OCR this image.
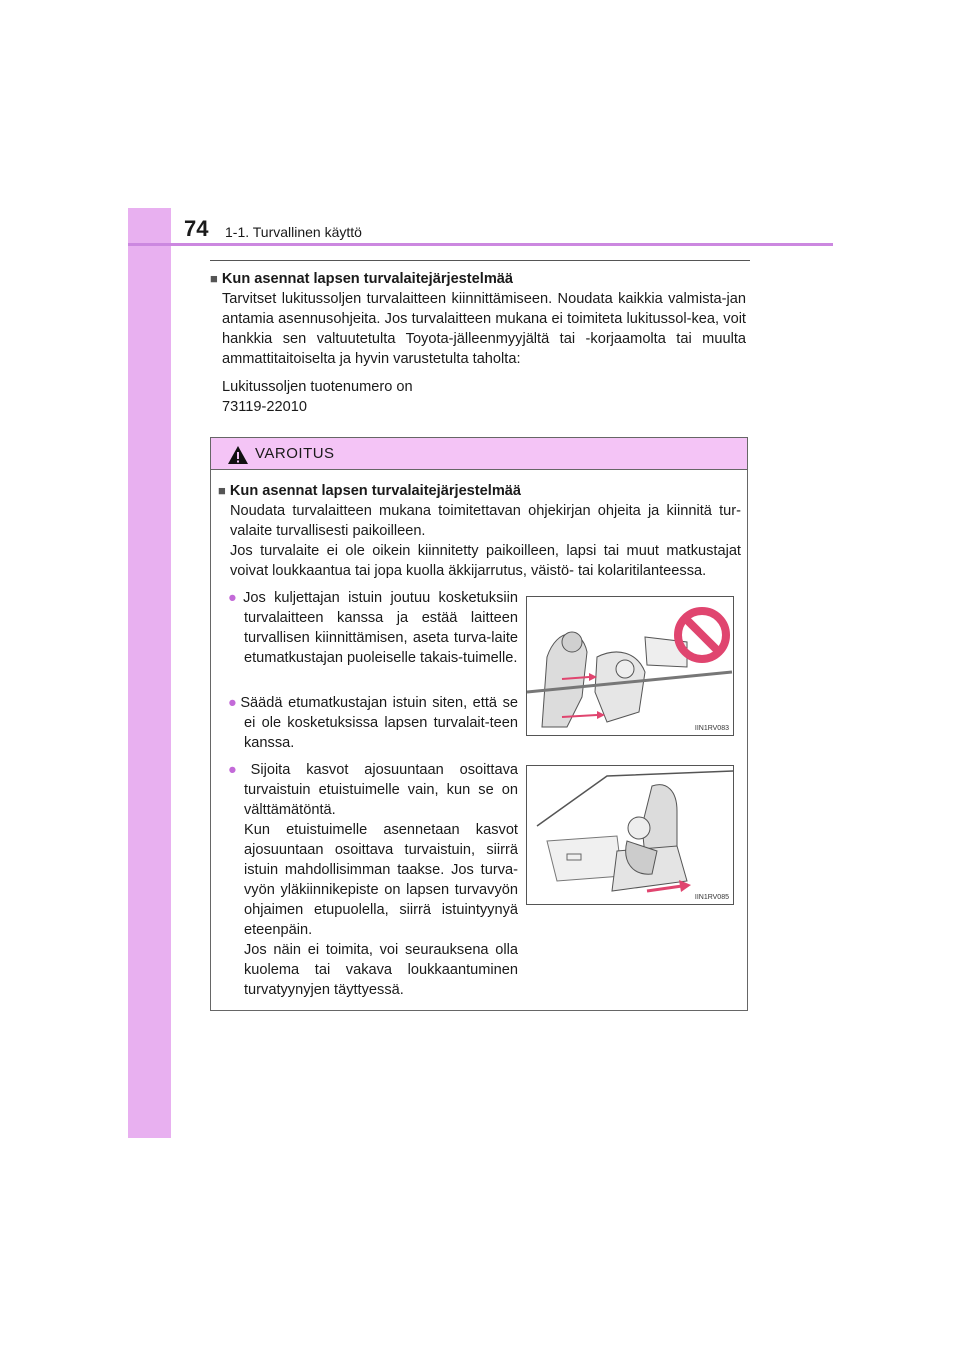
74 1-1. Turvallinen käyttö
■ Kun asennat lapsen turvalaitejärjestelmää
Tarvitset lukitussoljen turvalaitteen kiinnittämiseen. Noudata kaikkia valmista-jan antamia asennusohjeita. Jos turvalaitteen mukana ei toimiteta lukitussol-kea, voit hankkia sen valtuutetulta Toyota-jälleenmyyjältä tai -korjaamolta tai muulta ammattitaitoiselta ja hyvin varustetulta taholta:
Lukitussoljen tuotenumero on
73119-22010
VAROITUS
■ Kun asennat lapsen turvalaitejärjestelmää
Noudata turvalaitteen mukana toimitettavan ohjekirjan ohjeita ja kiinnitä tur-valaite turvallisesti paikoilleen.
Jos turvalaite ei ole oikein kiinnitetty paikoilleen, lapsi tai muut matkustajat voivat loukkaantua tai jopa kuolla äkkijarrutus, väistö- tai kolaritilanteessa.
● Jos kuljettajan istuin joutuu kosketuksiin turvalaitteen kanssa ja estää laitteen turvallisen kiinnittämisen, aseta turva-laite etumatkustajan puoleiselle takais-tuimelle.
● Säädä etumatkustajan istuin siten, että se ei ole kosketuksissa lapsen turvalait-teen kanssa.
● Sijoita kasvot ajosuuntaan osoittava turvaistuin etuistuimelle vain, kun se on välttämätöntä.
Kun etuistuimelle asennetaan kasvot ajosuuntaan osoittava turvaistuin, siirrä istuin mahdollisimman taakse. Jos turva-vyön yläkiinnikepiste on lapsen turvavyön ohjaimen etupuolella, siirrä istuintyynyä eteenpäin.
Jos näin ei toimita, voi seurauksena olla kuolema tai vakava loukkaantuminen turvatyynyjen täyttyessä.
IIN1RV083
IIN1RV085
